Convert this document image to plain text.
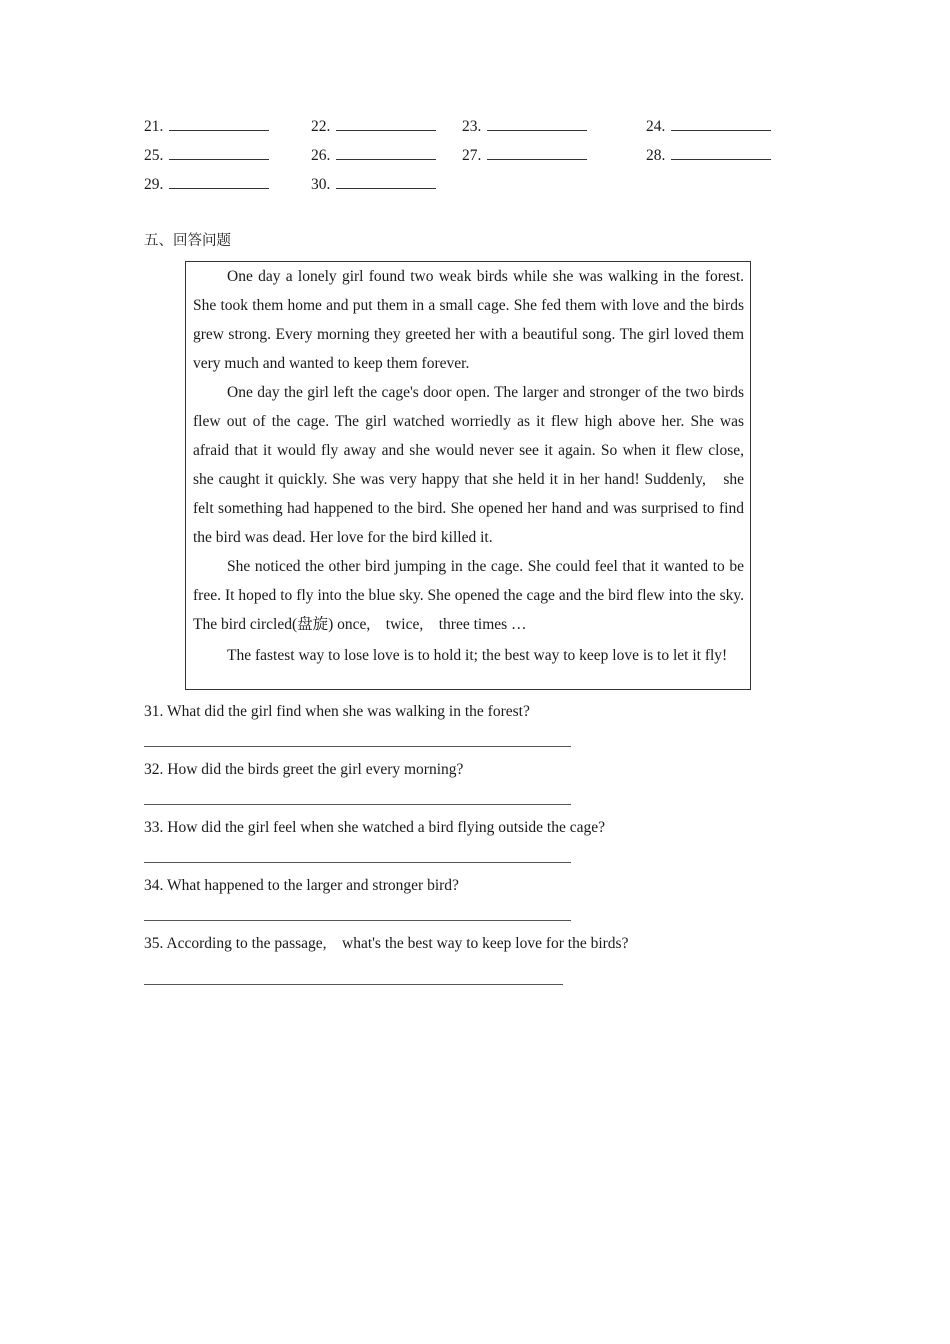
21.	22.	23.	24.
25.	26.	27.	28.
29.	30.
五、回答问题

One day a lonely girl found two weak birds while she was walking in the forest. She took them home and put them in a small cage. She fed them with love and the birds grew strong. Every morning they greeted her with a beautiful song. The girl loved them very much and wanted to keep them forever.

One day the girl left the cage's door open. The larger and stronger of the two birds flew out of the cage. The girl watched worriedly as it flew high above her. She was afraid that it would fly away and she would never see it again. So when it flew close,　she caught it quickly. She was very happy that she held it in her hand! Suddenly,　she felt something had happened to the bird. She opened her hand and was surprised to find the bird was dead. Her love for the bird killed it.

She noticed the other bird jumping in the cage. She could feel that it wanted to be free. It hoped to fly into the blue sky. She opened the cage and the bird flew into the sky. The bird circled(盘旋) once,　twice,　three times …

The fastest way to lose love is to hold it; the best way to keep love is to let it fly!

31. What did the girl find when she was walking in the forest?
32. How did the birds greet the girl every morning?
33. How did the girl feel when she watched a bird flying outside the cage?
34. What happened to the larger and stronger bird?
35. According to the passage,　what's the best way to keep love for the birds?
